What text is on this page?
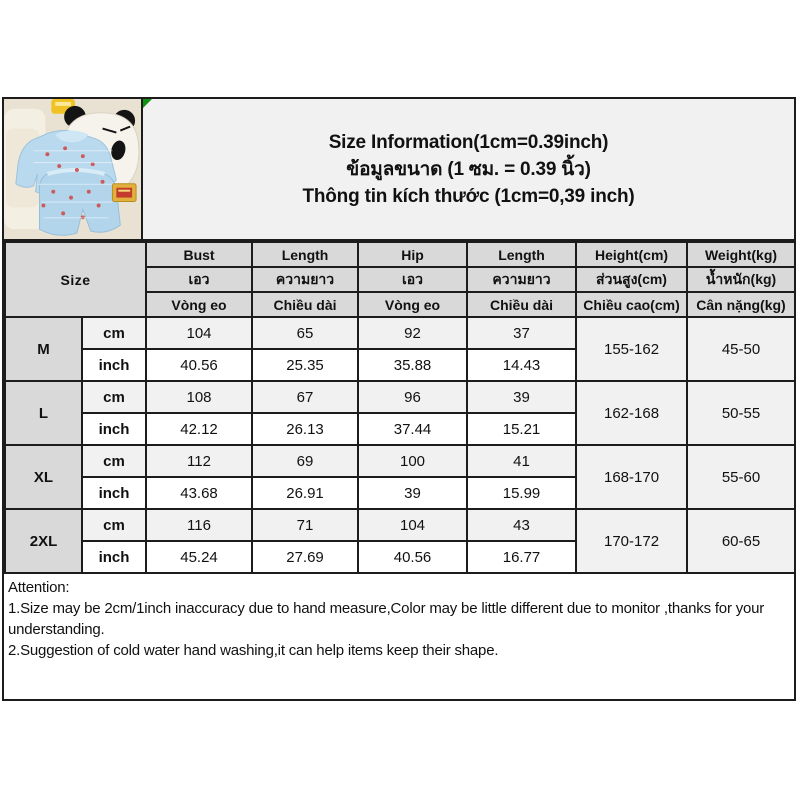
Size Information(1cm=0.39inch)
ข้อมูลขนาด (1 ซม. = 0.39 นิ้ว)
Thông tin kích thước (1cm=0,39 inch)
Size		Bust	Length	Hip	Length	Height(cm)	Weight(kg)
		เอว	ความยาว	เอว	ความยาว	ส่วนสูง(cm)	น้ำหนัก(kg)
		Vòng eo	Chiều dài	Vòng eo	Chiều dài	Chiều cao(cm)	Cân nặng(kg)
M	cm	104	65	92	37	155-162	45-50
	inch	40.56	25.35	35.88	14.43		
L	cm	108	67	96	39	162-168	50-55
	inch	42.12	26.13	37.44	15.21		
XL	cm	112	69	100	41	168-170	55-60
	inch	43.68	26.91	39	15.99		
2XL	cm	116	71	104	43	170-172	60-65
	inch	45.24	27.69	40.56	16.77		

Attention:

1.Size may be 2cm/1inch inaccuracy due to hand measure,Color may be little different due to monitor ,thanks for your understanding.

2.Suggestion of cold water hand washing,it can help items keep their shape.
